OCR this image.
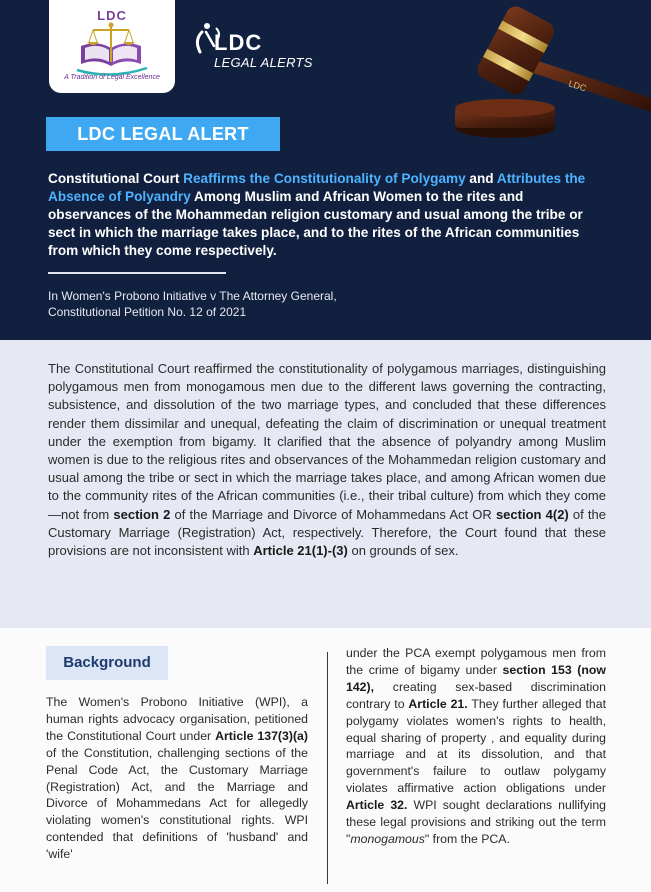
LDC
A Tradition of Legal Excellence
LDC
LEGAL ALERTS
LDC
LDC LEGAL ALERT
Constitutional Court Reaffirms the Constitutionality of Polygamy and Attributes the Absence of Polyandry Among Muslim and African Women to the rites and observances of the Mohammedan religion customary and usual among the tribe or sect in which the marriage takes place, and to the rites of the African communities from which they come respectively.
In Women's Probono Initiative v The Attorney General,
Constitutional Petition No. 12 of 2021

The Constitutional Court reaffirmed the constitutionality of polygamous marriages, distinguishing polygamous men from monogamous men due to the different laws governing the contracting, subsistence, and dissolution of the two marriage types, and concluded that these differences render them dissimilar and unequal, defeating the claim of discrimination or unequal treatment under the exemption from bigamy. It clarified that the absence of polyandry among Muslim women is due to the religious rites and observances of the Mohammedan religion customary and usual among the tribe or sect in which the marriage takes place, and among African women due to the community rites of the African communities (i.e., their tribal culture) from which they come—not from section 2 of the Marriage and Divorce of Mohammedans Act OR section 4(2) of the Customary Marriage (Registration) Act, respectively. Therefore, the Court found that these provisions are not inconsistent with Article 21(1)-(3) on grounds of sex.

Background

The Women's Probono Initiative (WPI), a human rights advocacy organisation, petitioned the Constitutional Court under Article 137(3)(a) of the Constitution, challenging sections of the Penal Code Act, the Customary Marriage (Registration) Act, and the Marriage and Divorce of Mohammedans Act for allegedly violating women's constitutional rights. WPI contended that definitions of 'husband' and 'wife'

under the PCA exempt polygamous men from the crime of bigamy under section 153 (now 142), creating sex-based discrimination contrary to Article 21. They further alleged that polygamy violates women's rights to health, equal sharing of property , and equality during marriage and at its dissolution, and that government's failure to outlaw polygamy violates affirmative action obligations under Article 32. WPI sought declarations nullifying these legal provisions and striking out the term "monogamous" from the PCA.
